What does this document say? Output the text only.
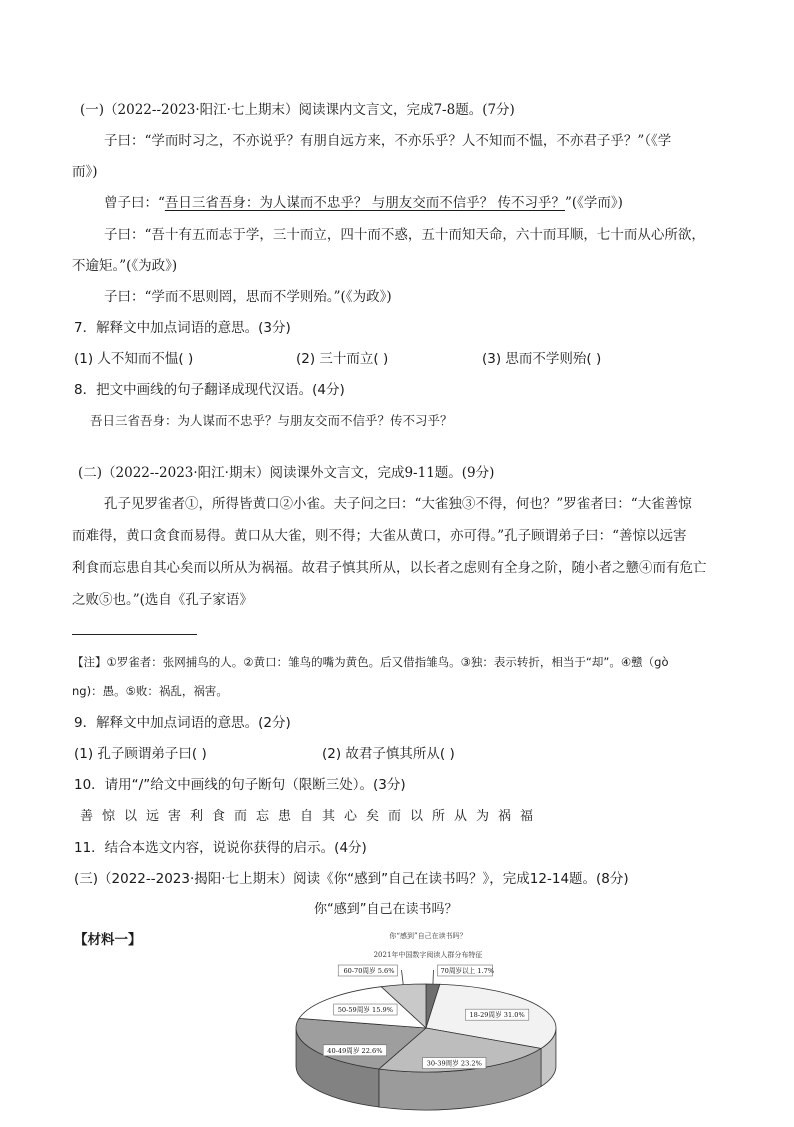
(一)（2022--2023·阳江·七上期末）阅读课内文言文，完成7-8题。(7分)
子曰：“学而时习之，不亦说乎？有朋自远方来，不亦乐乎？人不知而不愠，不亦君子乎？”（《学
而》)
曾子曰：“吾日三省吾身：为人谋而不忠乎？ 与朋友交而不信乎？ 传不习乎？”(《学而》)
子曰：“吾十有五而志于学，三十而立，四十而不惑，五十而知天命，六十而耳顺，七十而从心所欲，
不逾矩。”(《为政》)
子曰：“学而不思则罔，思而不学则殆。”(《为政》)
7．解释文中加点词语的意思。(3分)
(1) 人不知而不愠( )	(2) 三十而立( )	(3) 思而不学则殆( )
8．把文中画线的句子翻译成现代汉语。(4分)
吾日三省吾身：为人谋而不忠乎？与朋友交而不信乎？传不习乎？
(二)（2022--2023·阳江·期末）阅读课外文言文，完成9-11题。(9分)
孔子见罗雀者①，所得皆黄口②小雀。夫子问之曰：“大雀独③不得，何也？”罗雀者曰：“大雀善惊
而难得，黄口贪食而易得。黄口从大雀，则不得；大雀从黄口，亦可得。”孔子顾谓弟子曰：“善惊以远害
利食而忘患自其心矣而以所从为祸福。故君子慎其所从，以长者之虑则有全身之阶，随小者之戆④而有危亡
之败⑤也。”(选自《孔子家语》
【注】①罗雀者：张网捕鸟的人。②黄口：雏鸟的嘴为黄色。后又借指雏鸟。③独：表示转折，相当于“却”。④戆（gò
ng)：愚。⑤败：祸乱，祸害。
9．解释文中加点词语的意思。(2分)
(1) 孔子顾谓弟子曰( )	(2) 故君子慎其所从( )
10．请用“/”给文中画线的句子断句（限断三处）。(3分)
善惊以远害利食而忘患自其心矣而以所从为祸福
11．结合本选文内容，说说你获得的启示。(4分)
(三)（2022--2023·揭阳·七上期末）阅读《你“感到”自己在读书吗？》，完成12-14题。(8分)
你“感到”自己在读书吗？
【材料一】	你“感到”自己在读书吗？
2021年中国数字阅读人群分布特征
70周岁以上 1.7%
18-29周岁 31.0%
30-39周岁 23.2%
40-49周岁 22.6%
50-59周岁 15.9%
60-70周岁 5.6%
